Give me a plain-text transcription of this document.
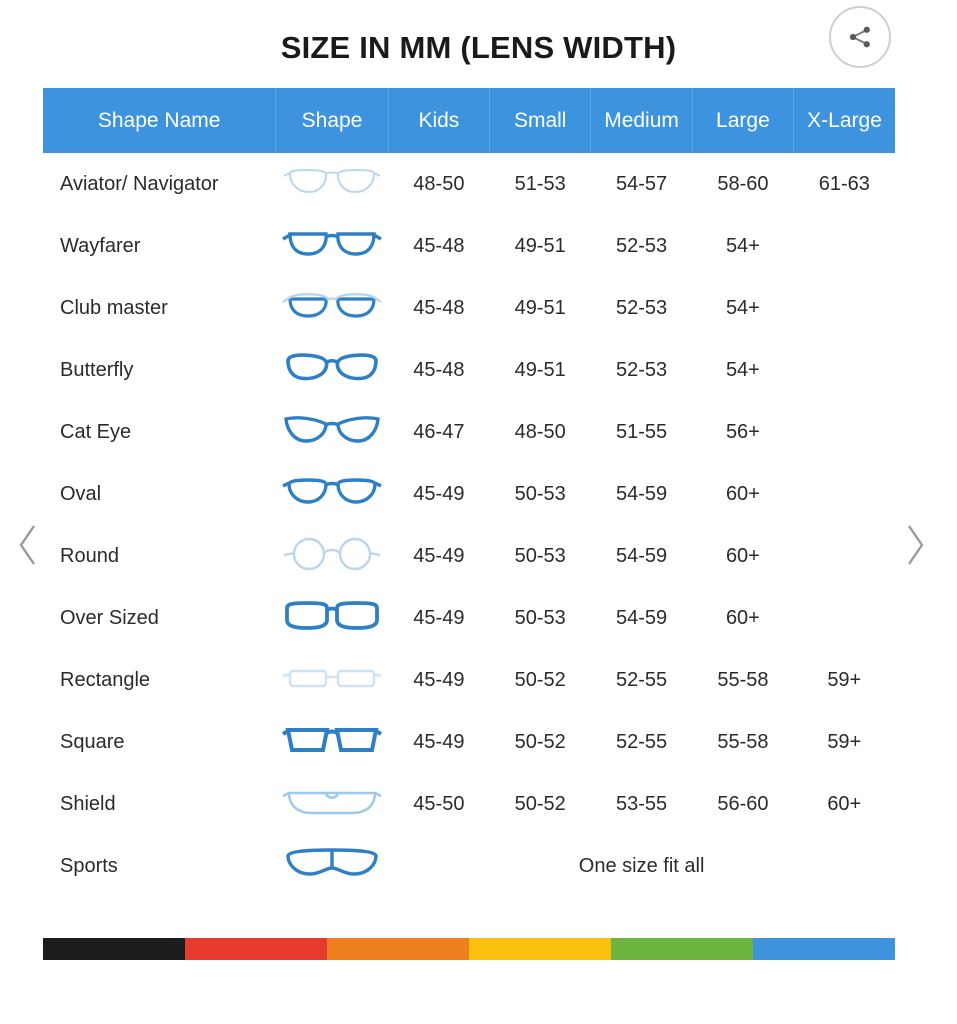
SIZE IN MM (LENS WIDTH)
Shape Name	Shape	Kids	Small	Medium	Large	X-Large
Aviator/ Navigator		48-50	51-53	54-57	58-60	61-63
Wayfarer		45-48	49-51	52-53	54+	
Club master		45-48	49-51	52-53	54+	
Butterfly		45-48	49-51	52-53	54+	
Cat Eye		46-47	48-50	51-55	56+	
Oval		45-49	50-53	54-59	60+	
Round		45-49	50-53	54-59	60+	
Over Sized		45-49	50-53	54-59	60+	
Rectangle		45-49	50-52	52-55	55-58	59+
Square		45-49	50-52	52-55	55-58	59+
Shield		45-50	50-52	53-55	56-60	60+
Sports		One size fit all				
